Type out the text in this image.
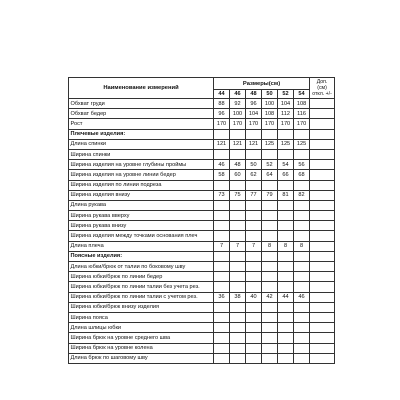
Наименование измерений	Размеры(см)						Доп. (см) откл. +/-
	44	46	48	50	52	54	
Обхват груди	88	92	96	100	104	108	
Обхват бедер	96	100	104	108	112	116	
Рост	170	170	170	170	170	170	
Плечевые изделия:							
Длина спинки	121	121	121	125	125	125	
Ширина спинки							
Ширина изделия на уровне глубины проймы	46	48	50	52	54	56	
Ширина изделия на уровне линии бедер	58	60	62	64	66	68	
Ширина изделия по линии подреза							
Ширина изделия внизу	73	75	77	79	81	82	
Длина рукава							
Ширина рукава вверху							
Ширина рукава внизу							
Ширина изделия между точками основания плеч							
Длина плеча	7	7	7	8	8	8	
Поясные изделия:							
Длина юбки/брюк от талии по боковому шву							
Ширина юбки/брюк по линии бедер							
Ширина юбки/брюк по линии талии без учета рез.							
Ширина юбки/брюк по линии талии с учетом рез.	36	38	40	42	44	46	
Ширина юбки/брюк внизу изделия							
Ширина пояса							
Длина шлицы юбки							
Ширина брюк на уровне среднего шва							
Ширина брюк на уровне колена							
Длина брюк по шаговому шву							
